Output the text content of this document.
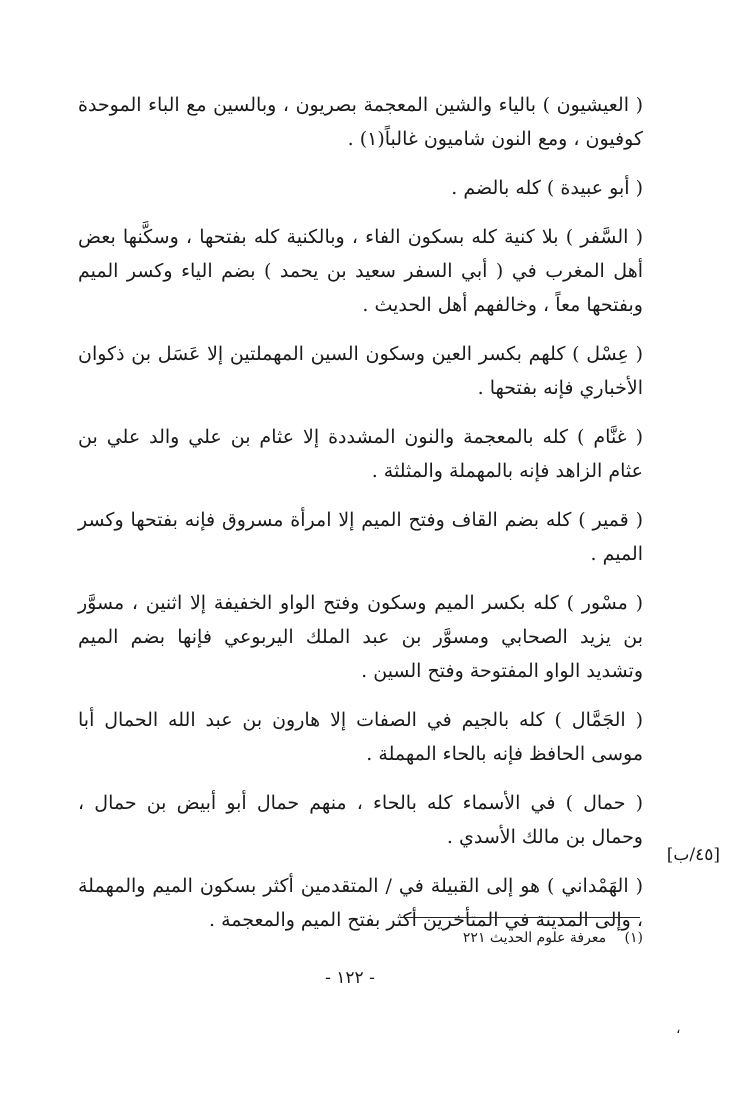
( العيشيون ) بالياء والشين المعجمة بصريون ، وبالسين مع الباء الموحدة كوفيون ، ومع النون شاميون غالباً(١) .

( أبو عبيدة ) كله بالضم .

( السَّفر ) بلا كنية كله بسكون الفاء ، وبالكنية كله بفتحها ، وسكَّنها بعض أهل المغرب في ( أبي السفر سعيد بن يحمد ) بضم الياء وكسر الميم وبفتحها معاً ، وخالفهم أهل الحديث .

( عِسْل ) كلهم بكسر العين وسكون السين المهملتين إلا عَسَل بن ذكوان الأخباري فإنه بفتحها .

( غنَّام ) كله بالمعجمة والنون المشددة إلا عثام بن علي والد علي بن عثام الزاهد فإنه بالمهملة والمثلثة .

( قمير ) كله بضم القاف وفتح الميم إلا امرأة مسروق فإنه بفتحها وكسر الميم .

( مسْور ) كله بكسر الميم وسكون وفتح الواو الخفيفة إلا اثنين ، مسوَّر بن يزيد الصحابي ومسوَّر بن عبد الملك اليربوعي فإنها بضم الميم وتشديد الواو المفتوحة وفتح السين .

( الجَمَّال ) كله بالجيم في الصفات إلا هارون بن عبد الله الحمال أبا موسى الحافظ فإنه بالحاء المهملة .

( حمال ) في الأسماء كله بالحاء ، منهم حمال أبو أبيض بن حمال ، وحمال بن مالك الأسدي .

( الهَمْداني ) هو إلى القبيلة في / المتقدمين أكثر بسكون الميم والمهملة ، وإلى المدينة في المتأخرين أكثر بفتح الميم والمعجمة .

[٤٥/ب]
(١) معرفة علوم الحديث ٢٢١
- ١٢٢ -
،
